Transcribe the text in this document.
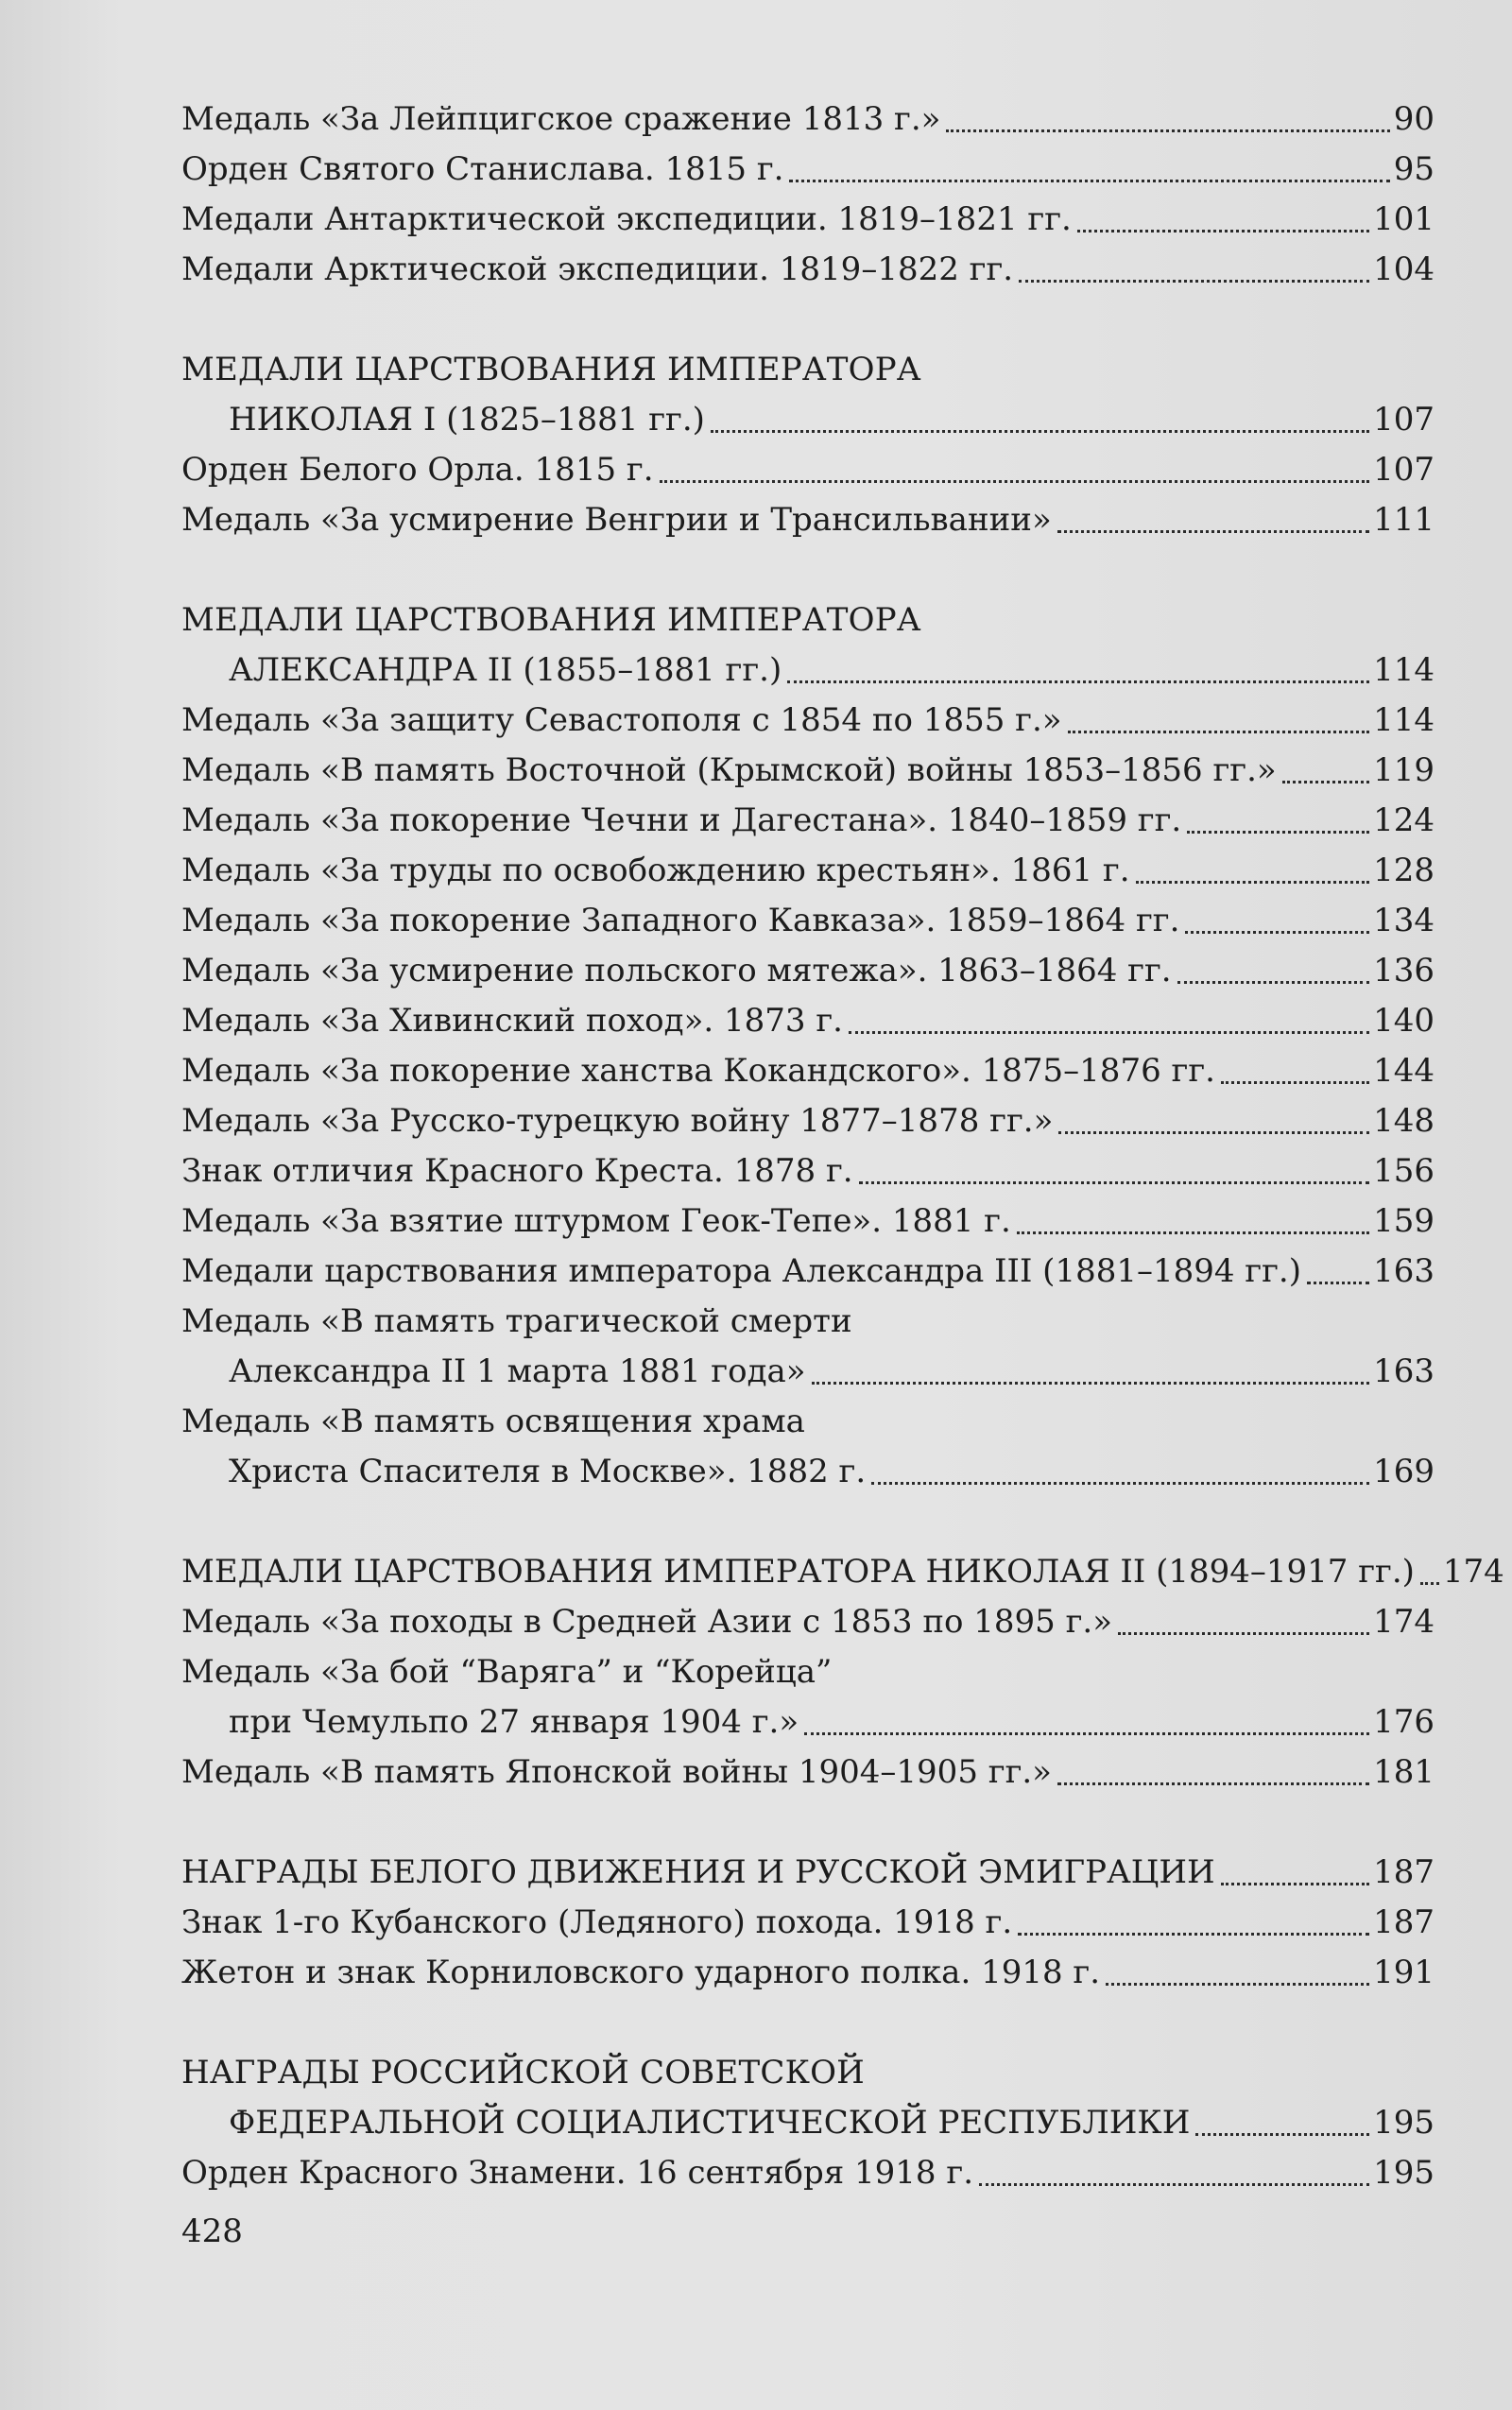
Медаль «За Лейпцигское сражение 1813 г.»	90
Орден Святого Станислава. 1815 г.	95
Медали Антарктической экспедиции. 1819–1821 гг.	101
Медали Арктической экспедиции. 1819–1822 гг.	104
МЕДАЛИ ЦАРСТВОВАНИЯ ИМПЕРАТОРА
НИКОЛАЯ I (1825–1881 гг.)	107
Орден Белого Орла. 1815 г.	107
Медаль «За усмирение Венгрии и Трансильвании»	111
МЕДАЛИ ЦАРСТВОВАНИЯ ИМПЕРАТОРА
АЛЕКСАНДРА II (1855–1881 гг.)	114
Медаль «За защиту Севастополя с 1854 по 1855 г.»	114
Медаль «В память Восточной (Крымской) войны 1853–1856 гг.»	119
Медаль «За покорение Чечни и Дагестана». 1840–1859 гг.	124
Медаль «За труды по освобождению крестьян». 1861 г.	128
Медаль «За покорение Западного Кавказа». 1859–1864 гг.	134
Медаль «За усмирение польского мятежа». 1863–1864 гг.	136
Медаль «За Хивинский поход». 1873 г.	140
Медаль «За покорение ханства Кокандского». 1875–1876 гг.	144
Медаль «За Русско-турецкую войну 1877–1878 гг.»	148
Знак отличия Красного Креста. 1878 г.	156
Медаль «За взятие штурмом Геок-Тепе». 1881 г.	159
Медали царствования императора Александра III (1881–1894 гг.) 163
Медаль «В память трагической смерти
Александра II 1 марта 1881 года»	163
Медаль «В память освящения храма
Христа Спасителя в Москве». 1882 г.	169
МЕДАЛИ ЦАРСТВОВАНИЯ ИМПЕРАТОРА НИКОЛАЯ II (1894–1917 гг.) 174
Медаль «За походы в Средней Азии с 1853 по 1895 г.»	174
Медаль «За бой “Варяга” и “Корейца”
при Чемульпо 27 января 1904 г.»	176
Медаль «В память Японской войны 1904–1905 гг.»	181
НАГРАДЫ БЕЛОГО ДВИЖЕНИЯ И РУССКОЙ ЭМИГРАЦИИ	187
Знак 1-го Кубанского (Ледяного) похода. 1918 г.	187
Жетон и знак Корниловского ударного полка. 1918 г.	191
НАГРАДЫ РОССИЙСКОЙ СОВЕТСКОЙ
ФЕДЕРАЛЬНОЙ СОЦИАЛИСТИЧЕСКОЙ РЕСПУБЛИКИ	195
Орден Красного Знамени. 16 сентября 1918 г.	195
428
